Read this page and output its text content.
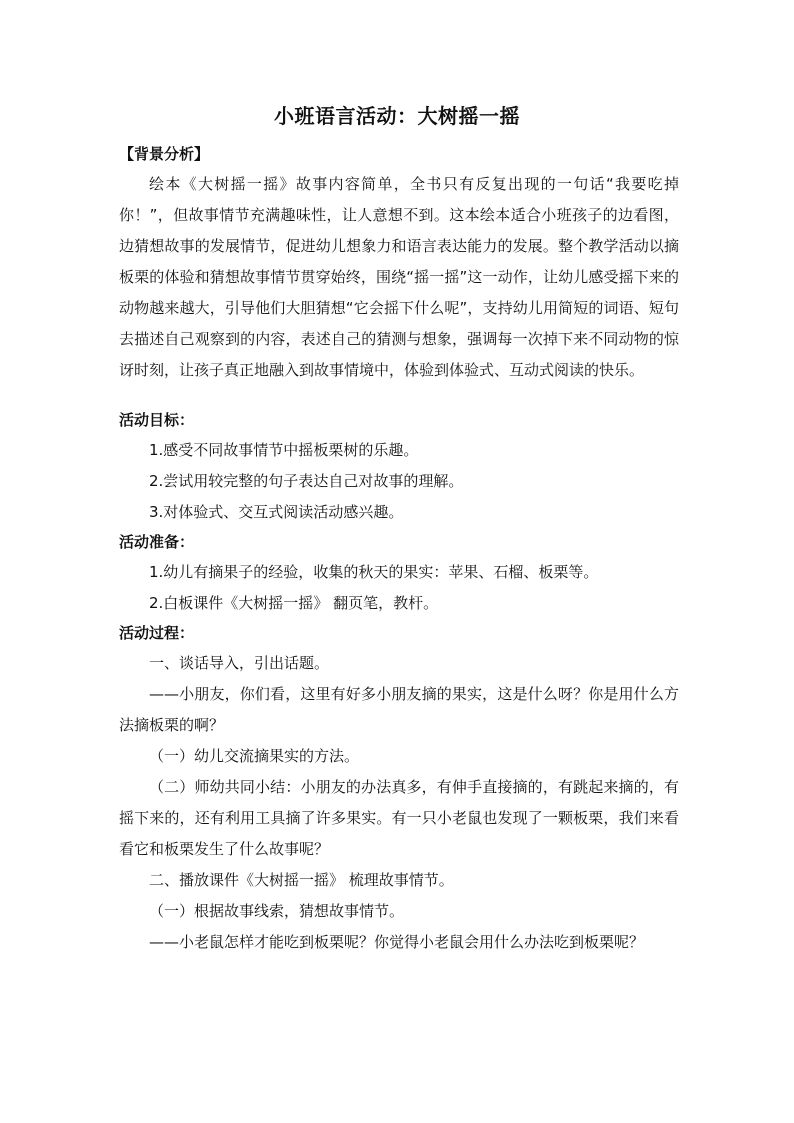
小班语言活动：大树摇一摇
【背景分析】
绘本《大树摇一摇》故事内容简单，全书只有反复出现的一句话“我要吃掉你！”，但故事情节充满趣味性，让人意想不到。这本绘本适合小班孩子的边看图，边猜想故事的发展情节，促进幼儿想象力和语言表达能力的发展。整个教学活动以摘板栗的体验和猜想故事情节贯穿始终，围绕“摇一摇”这一动作，让幼儿感受摇下来的动物越来越大，引导他们大胆猜想“它会摇下什么呢”，支持幼儿用简短的词语、短句去描述自己观察到的内容，表述自己的猜测与想象，强调每一次掉下来不同动物的惊讶时刻，让孩子真正地融入到故事情境中，体验到体验式、互动式阅读的快乐。
活动目标：
1.感受不同故事情节中摇板栗树的乐趣。
2.尝试用较完整的句子表达自己对故事的理解。
3.对体验式、交互式阅读活动感兴趣。
活动准备：
1.幼儿有摘果子的经验，收集的秋天的果实：苹果、石榴、板栗等。
2.白板课件《大树摇一摇》 翻页笔，教杆。
活动过程：
一、谈话导入，引出话题。
——小朋友，你们看，这里有好多小朋友摘的果实，这是什么呀？你是用什么方法摘板栗的啊？
（一）幼儿交流摘果实的方法。
（二）师幼共同小结：小朋友的办法真多，有伸手直接摘的，有跳起来摘的，有摇下来的，还有利用工具摘了许多果实。有一只小老鼠也发现了一颗板栗，我们来看看它和板栗发生了什么故事呢？
二、播放课件《大树摇一摇》 梳理故事情节。
（一）根据故事线索，猜想故事情节。
——小老鼠怎样才能吃到板栗呢？你觉得小老鼠会用什么办法吃到板栗呢？
